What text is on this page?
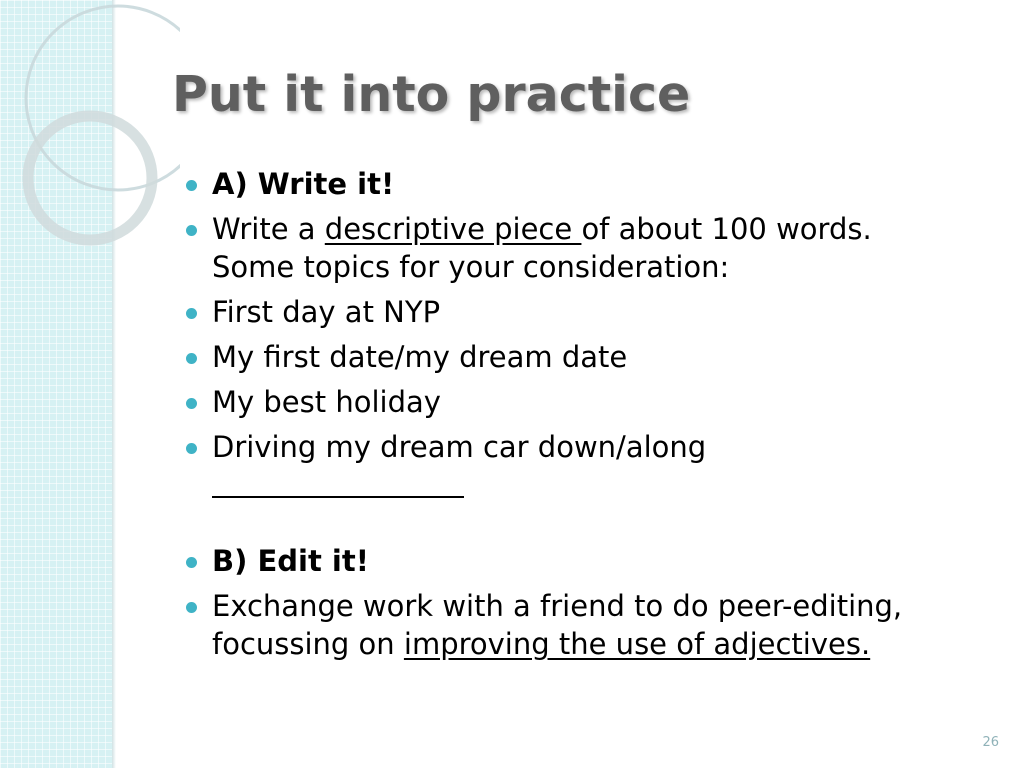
Put it into practice
A) Write it!
Write a descriptive piece of about 100 words.
Some topics for your consideration:
First day at NYP
My first date/my dream date
My best holiday
Driving my dream car down/along
B) Edit it!
Exchange work with a friend to do peer-editing,
focussing on improving the use of adjectives.
26
